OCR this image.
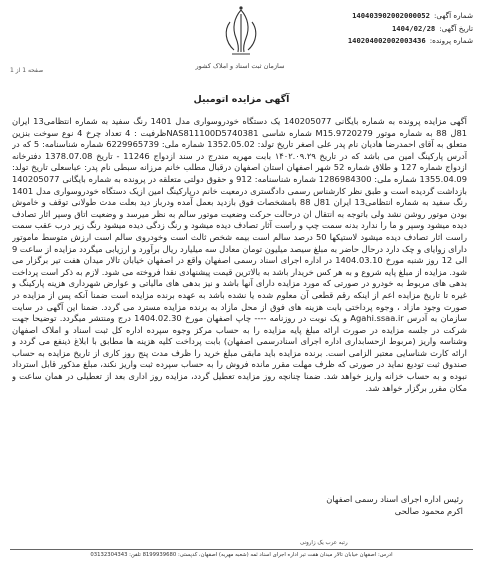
شماره آگهی:
140403902002000052
تاریخ آگهی:
1404/02/28
شماره پرونده:
140204002002003436
سازمان ثبت اسناد و املاک کشور
صفحه 1 از 1
آگهی مزایده اتومبیل
آگهی مزایده پرونده به شماره بایگانی 140205077 یک دستگاه خودروسواری مدل 1401 رنگ سفید به شماره انتظامی13 ایران 81ل 88 به شماره موتور M15.9720279 شماره شاسی NAS811100D5740381ظرفیت : 4 تعداد چرخ 4 نوع سوخت بنزین متعلق به آقای احمدرضا هادیان نام پدر علی اصغر تاریخ تولد: 1352.05.02 شماره ملی: 6229965739 شماره شناسنامه: 5 که در آدرس پارکینگ امین می باشد که در تاریخ ۱۴۰۲.۰۹.۲۹ بابت مهریه مندرج در سند ازدواج 11246 - تاریخ 1378.07.08 دفترخانه ازدواج شماره 127 و طلاق شماره 52 شهر اصفهان استان اصفهان درقبال مطلب خانم مرزانه سبطی نام پدر: عباسعلی تاریخ تولد: 1355.04.09 شماره ملی: 1286984300 شماره شناسنامه: 912 و حقوق دولتی متعلقه در پرونده به شماره بایگانی 140205077 بازداشت گردیده است و طبق نظر کارشناس رسمی دادگستری درمعیت خانم درپارکینگ امین ازیک دستگاه خودروسواری مدل 1401 رنگ سفید به شماره انتظامی13 ایران 81ل 88 بامشخصات فوق بازدید بعمل آمده ودرباز دید بعلت مدت طولانی توقف و خاموش بودن موتور روشن نشد ولی باتوجه به انتقال ان درحالت حرکت وضعیت موتور سالم به نظر میرسد و وضعیت اتاق وسپر اثار تصادف دیده میشود وسپر و ما را ندارد بدنه سمت چپ و راست آثار تصادف دیده میشود و رنگ زدگی دیده میشود رنگ زیر درب عقب سمت راست اثار تصادف دیده میشود لاستیکها 50 درصد سالم است بیمه شخص ثالث است وخودروی سالم است ارزش متوسط ماموتور دارای زوایای و چک دارد درحال حاضر به مبلغ سیصد میلیون تومان معادل سه میلیارد ریال برآورد و ارزیابی میگردد مزایده از ساعت 9 الی 12 روز شنبه مورخ 1404.03.10 در اداره اجرای اسناد رسمی اصفهان واقع در اصفهان خیابان تالار میدان هفت تیر برگزار می شود. مزایده از مبلغ پایه شروع و به هر کس خریدار باشد به بالاترین قیمت پیشنهادی نقدا فروخته می شود. لازم به ذکر است پرداخت بدهی های مربوط به خودرو در صورتی که مورد مزایده دارای آنها باشد و نیز بدهی های مالیاتی و عوارض شهرداری هزینه پارکینگ و غیره تا تاریخ مزایده اعم از اینکه رقم قطعی آن معلوم شده یا نشده باشد به عهده برنده مزایده است ضمنا آنکه پس از مزایده در صورت وجود مازاد ، وجوه پرداختی بابت هزینه های فوق از محل مازاد به برنده مزایده مسترد می گردد. ضمنا این آگهی در سایت سازمان به آدرس Agahi.ssaa.ir و یک نوبت در روزنامه ---- چاپ اصفهان مورخ 1404.02.30 درج ومنتشر میگردد. توضیحا جهت شرکت در جلسه مزایده در صورت ارائه مبلغ پایه مزایده را به حساب مرکز وجوه سپرده اداره کل ثبت اسناد و املاک اصفهان وشناسه واریز (مربوط ازحسابداری اداره اجرای اسنادرسمی اصفهان) بابت پرداخت کلیه هزینه ها مطابق با ابلاغ ذینفع می گردد و ارائه کارت شناسایی معتبر الزامی است. برنده مزایده باید مابقی مبلغ خرید را ظرف مدت پنج روز کاری از تاریخ مزایده به حساب صندوق ثبت تودیع نماید در صورتی که ظرف مهلت مقرر مانده فروش را به حساب سپرده ثبت واریز نکند، مبلغ مذکور قابل استرداد نبوده و به حساب خزانه واریز خواهد شد. ضمنا چنانچه روز مزایده تعطیل گردد، مزایده روز اداری بعد از تعطیلی در همان ساعت و مکان مقرر برگزار خواهد شد.
رئیس اداره اجرای اسناد رسمی اصفهان
اکرم محمود صالحی
رتبه عرب یک زارونی
آدرس: اصفهان خیابان تالار میدان هفت تیر اداره اجرای اسناد ثمه (شعبه مهریه) اصفهان، کدپستی: 8199939680 تلفن: 03132304343
